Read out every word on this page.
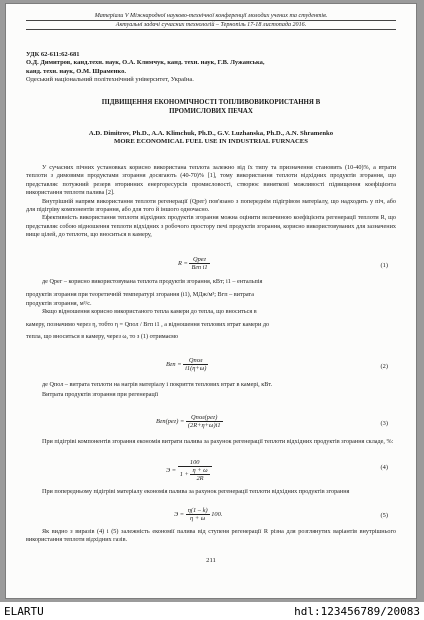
Матеріали V Міжнародної науково-технічної конференції молодих учених та студентів.
Актуальні задачі сучасних технологій – Тернопіль 17-18 листопада 2016.
УДК 62-611:62-681
О.Д. Димитров, канд.техн. наук, О.А. Климчук, канд. техн. наук, Г.В. Лужанська,
канд. техн. наук, О.М. Шраменко.
Одеський національний політехнічний університет, Україна.
ПІДВИЩЕННЯ ЕКОНОМІЧНОСТІ ТОПЛИВОВИКОРИСТАННЯ В
ПРОМИСЛОВИХ ПЕЧАХ
A.D. Dimitrov, Ph.D., A.A. Klimchuk, Ph.D., G.V. Luzhanska, Ph.D., A.N. Shramenko
MORE ECONOMICAL FUEL USE IN INDUSTRIAL FURNACES

У сучасних пічних установках корисно використана теплота залежно від їх типу та призначення становить (10-40)%, а втрати теплоти з димовими продуктами згорання досягають (40-70)% [1], тому використання теплоти відхідних продуктів згорання, що представляє потужний резерв вторинних енергоресурсів промисловості, створює виняткові можливості підвищення коефіцієнта використання теплоти палива [2].

Внутрішній напрям використання теплоти регенерації (Qрег) пов'язано з попереднім підігрівом матеріалу, що надходить у піч, або для підігріву компонентів згорання, або для того й іншого одночасно.

Ефективність використання теплоти відхідних продуктів згорання можна оцінити величиною коефіцієнта регенерації теплоти R, що представляє собою відношення теплоти відхідних з робочого простору печі продуктів згорання, корисно використовуваних для зазначених вище цілей, до теплоти, що вноситься в камеру,

$R = \frac{\text{Qрег}}{\text{Вгп i1}}$	(1)

де Qрег – корисно використовувана теплота продуктів згорання, кВт; i1 – ентальпія

продуктів згорання при теоретичній температурі згорання (i1), МДж/м³; Вгп – витрата

продуктів згорання, м³/с.

Якщо відношення корисно використаного тепла камери до тепла, що вноситься в

камеру, позначимо через η, тобто η = Qпол / Вгп i1 , а відношення теплових втрат камери до

тепла, що вноситься в камеру, через ω, то з (1) отримаємо

Вгп = $\frac{\text{Qпол}}{i1(\eta+\omega)}$	(2)

де Qпол – витрата теплоти на нагрів матеріалу і покриття теплових втрат в камері, кВт.

Витрата продуктів згорання при регенерації

$Вгп(рег) = \frac{\text{Qпол(рег)}}{(2R+\eta+\omega)i1}$	(3)

При підігріві компонентів згорання економія витрати палива за рахунок регенерації теплоти відхідних продуктів згорання складе, %:

$Э = \frac{100}{1 + \frac{\eta + \omega}{2R}}$	(4)

При попередньому підігріві матеріалу економія палива за рахунок регенерації теплоти відхідних продуктів згорання

$Э = \frac{\eta(1 - k)}{\eta + \omega} 100$.	(5)

Як видно з виразів (4) і (5) залежність економії палива від ступеня регенерації R різна для розглянутих варіантів внутрішнього використання теплоти відхідних газів.

211
ELARTU	hdl:123456789/20083
